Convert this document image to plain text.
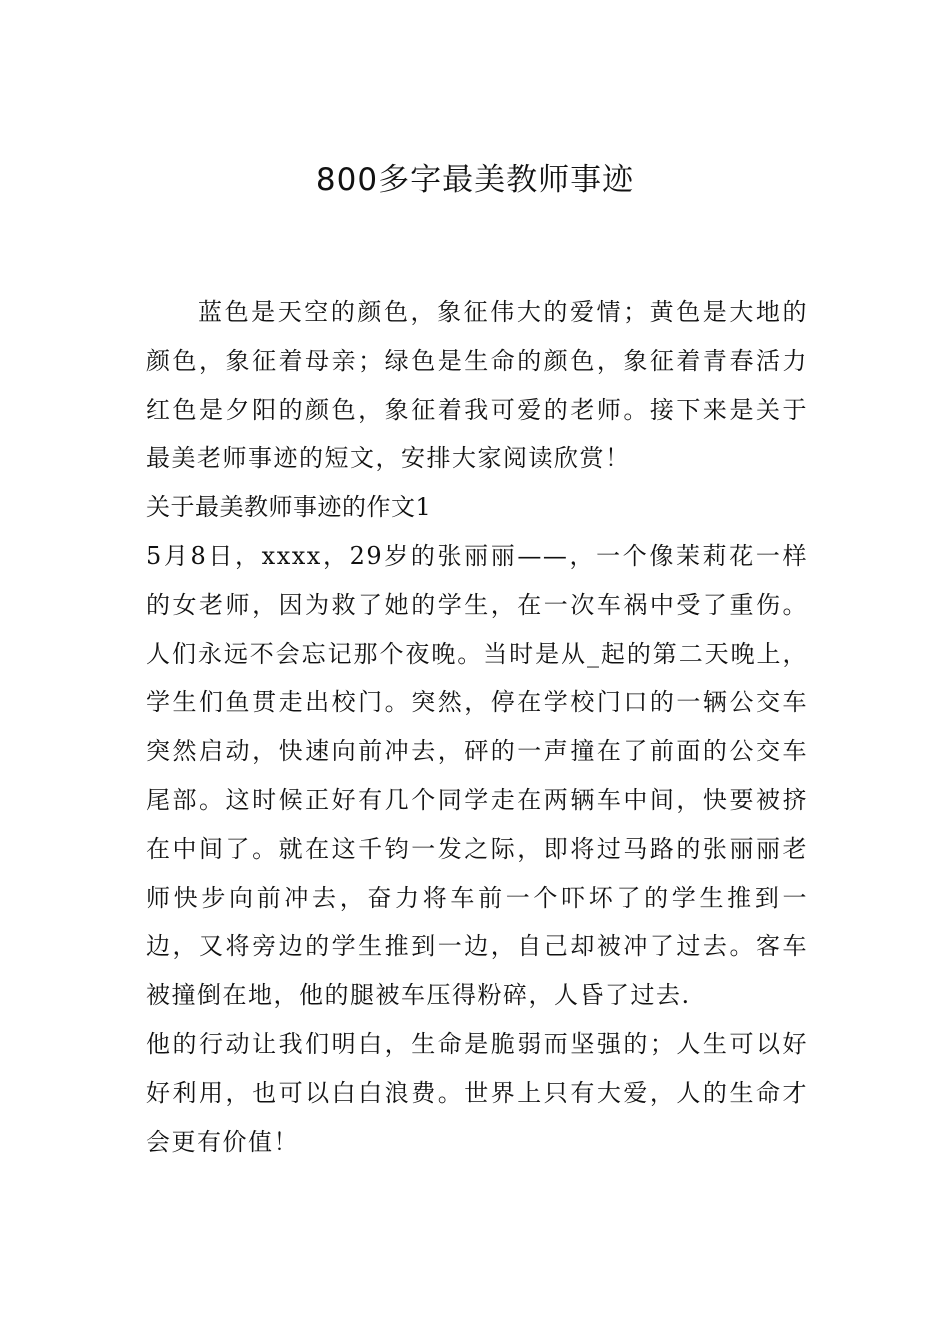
800多字最美教师事迹

蓝色是天空的颜色，象征伟大的爱情；黄色是大地的颜色，象征着母亲；绿色是生命的颜色，象征着青春活力红色是夕阳的颜色，象征着我可爱的老师。接下来是关于最美老师事迹的短文，安排大家阅读欣赏！

关于最美教师事迹的作文1

5月8日，xxxx，29岁的张丽丽——，一个像茉莉花一样的女老师，因为救了她的学生，在一次车祸中受了重伤。人们永远不会忘记那个夜晚。当时是从_起的第二天晚上，学生们鱼贯走出校门。突然，停在学校门口的一辆公交车突然启动，快速向前冲去，砰的一声撞在了前面的公交车尾部。这时候正好有几个同学走在两辆车中间，快要被挤在中间了。就在这千钧一发之际，即将过马路的张丽丽老师快步向前冲去，奋力将车前一个吓坏了的学生推到一边，又将旁边的学生推到一边，自己却被冲了过去。客车被撞倒在地，他的腿被车压得粉碎，人昏了过去.

他的行动让我们明白，生命是脆弱而坚强的；人生可以好好利用，也可以白白浪费。世界上只有大爱，人的生命才会更有价值！
